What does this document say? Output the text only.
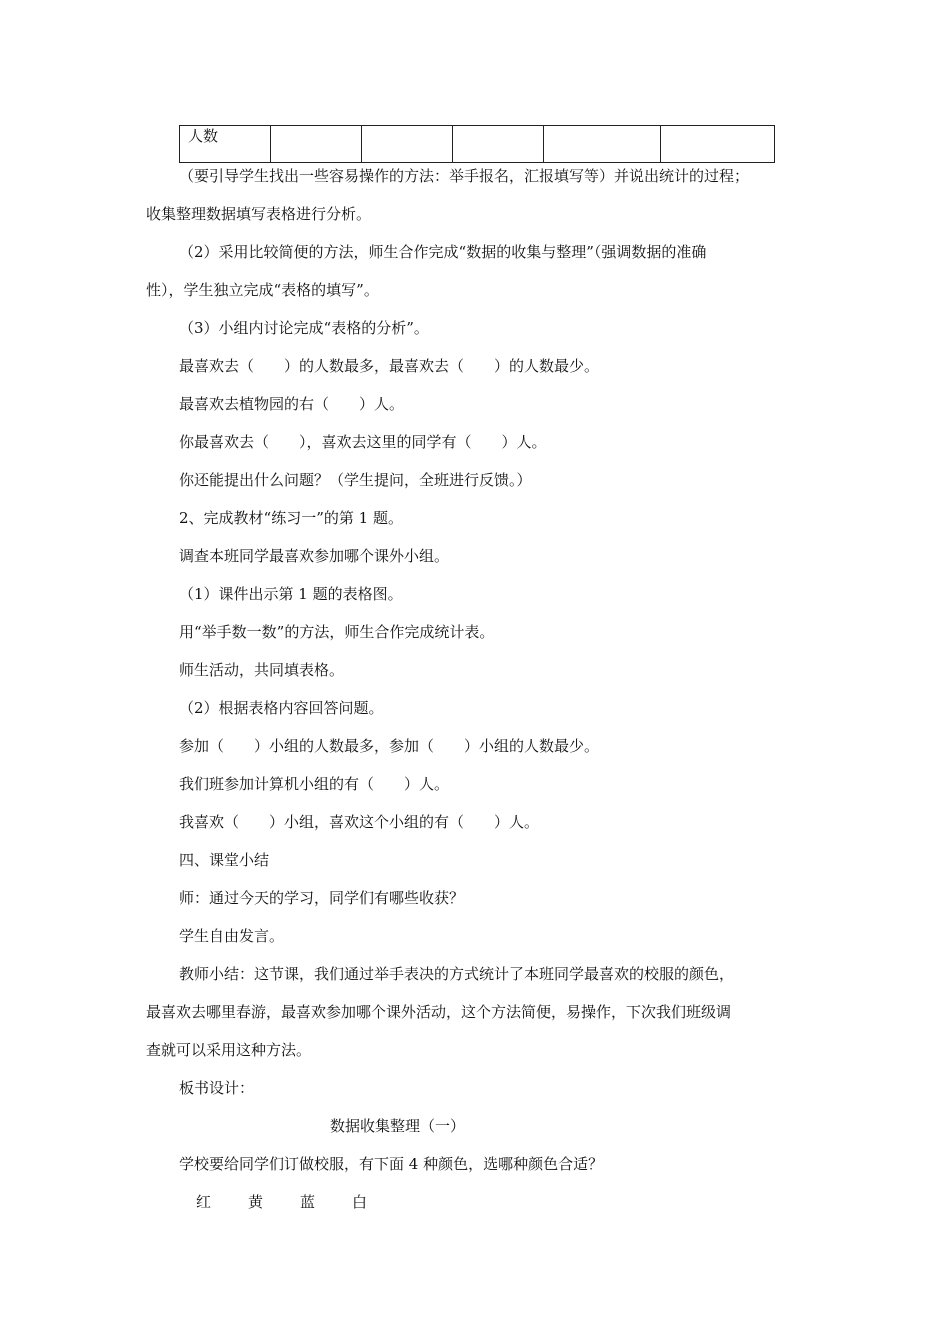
人数					
（要引导学生找出一些容易操作的方法：举手报名，汇报填写等）并说出统计的过程；
收集整理数据填写表格进行分析。
（2）采用比较简便的方法，师生合作完成“数据的收集与整理”（强调数据的准确
性），学生独立完成“表格的填写”。
（3）小组内讨论完成“表格的分析”。
最喜欢去（　　）的人数最多，最喜欢去（　　）的人数最少。
最喜欢去植物园的右（　　）人。
你最喜欢去（　　），喜欢去这里的同学有（　　）人。
你还能提出什么问题？（学生提问，全班进行反馈。）
2、完成教材“练习一”的第 1 题。
调查本班同学最喜欢参加哪个课外小组。
（1）课件出示第 1 题的表格图。
用“举手数一数”的方法，师生合作完成统计表。
师生活动，共同填表格。
（2）根据表格内容回答问题。
参加（　　）小组的人数最多，参加（　　）小组的人数最少。
我们班参加计算机小组的有（　　）人。
我喜欢（　　）小组，喜欢这个小组的有（　　）人。
四、课堂小结
师：通过今天的学习，同学们有哪些收获？
学生自由发言。
教师小结：这节课，我们通过举手表决的方式统计了本班同学最喜欢的校服的颜色，
最喜欢去哪里春游，最喜欢参加哪个课外活动，这个方法简便，易操作，下次我们班级调
查就可以采用这种方法。
板书设计：
数据收集整理（一）
学校要给同学们订做校服，有下面 4 种颜色，选哪种颜色合适？
红 黄 蓝 白
